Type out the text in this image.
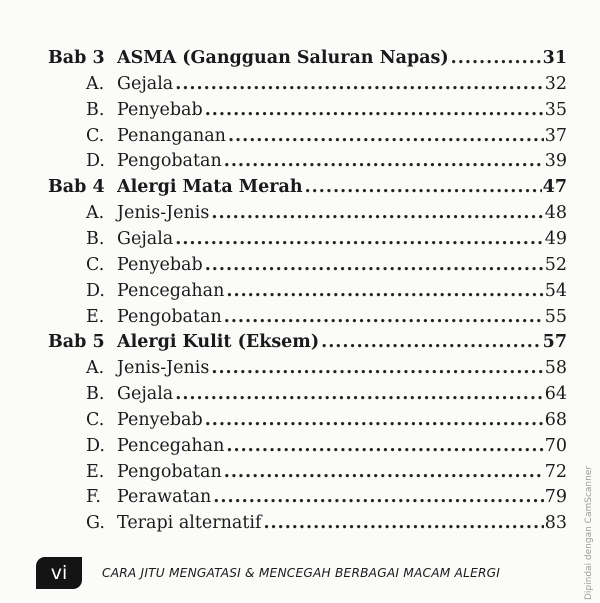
Bab 3 ASMA (Gangguan Saluran Napas) .....	31
A. Gejala .....	32
B. Penyebab .....	35
C. Penanganan .....	37
D. Pengobatan .....	39
Bab 4 Alergi Mata Merah .....	47
A. Jenis-Jenis .....	48
B. Gejala .....	49
C. Penyebab .....	52
D. Pencegahan .....	54
E. Pengobatan .....	55
Bab 5 Alergi Kulit (Eksem) .....	57
A. Jenis-Jenis .....	58
B. Gejala .....	64
C. Penyebab .....	68
D. Pencegahan .....	70
E. Pengobatan .....	72
F. Perawatan .....	79
G. Terapi alternatif .....	83
vi	CARA JITU MENGATASI & MENCEGAH BERBAGAI MACAM ALERGI	Dipindai dengan CamScanner
